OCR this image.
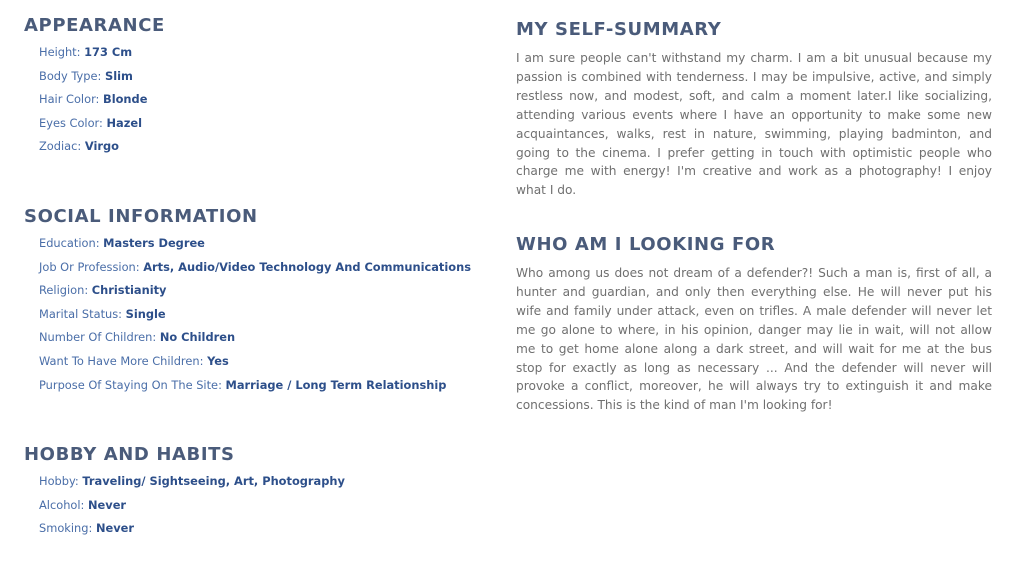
APPEARANCE
Height: 173 Cm
Body Type: Slim
Hair Color: Blonde
Eyes Color: Hazel
Zodiac: Virgo
SOCIAL INFORMATION
Education: Masters Degree
Job Or Profession: Arts, Audio/Video Technology And Communications
Religion: Christianity
Marital Status: Single
Number Of Children: No Children
Want To Have More Children: Yes
Purpose Of Staying On The Site: Marriage / Long Term Relationship
HOBBY AND HABITS
Hobby: Traveling/ Sightseeing, Art, Photography
Alcohol: Never
Smoking: Never
MY SELF-SUMMARY

I am sure people can't withstand my charm. I am a bit unusual because my passion is combined with tenderness. I may be impulsive, active, and simply restless now, and modest, soft, and calm a moment later.I like socializing, attending various events where I have an opportunity to make some new acquaintances, walks, rest in nature, swimming, playing badminton, and going to the cinema. I prefer getting in touch with optimistic people who charge me with energy! I'm creative and work as a photography! I enjoy what I do.

WHO AM I LOOKING FOR

Who among us does not dream of a defender?! Such a man is, first of all, a hunter and guardian, and only then everything else. He will never put his wife and family under attack, even on trifles. A male defender will never let me go alone to where, in his opinion, danger may lie in wait, will not allow me to get home alone along a dark street, and will wait for me at the bus stop for exactly as long as necessary ... And the defender will never will provoke a conflict, moreover, he will always try to extinguish it and make concessions. This is the kind of man I'm looking for!
